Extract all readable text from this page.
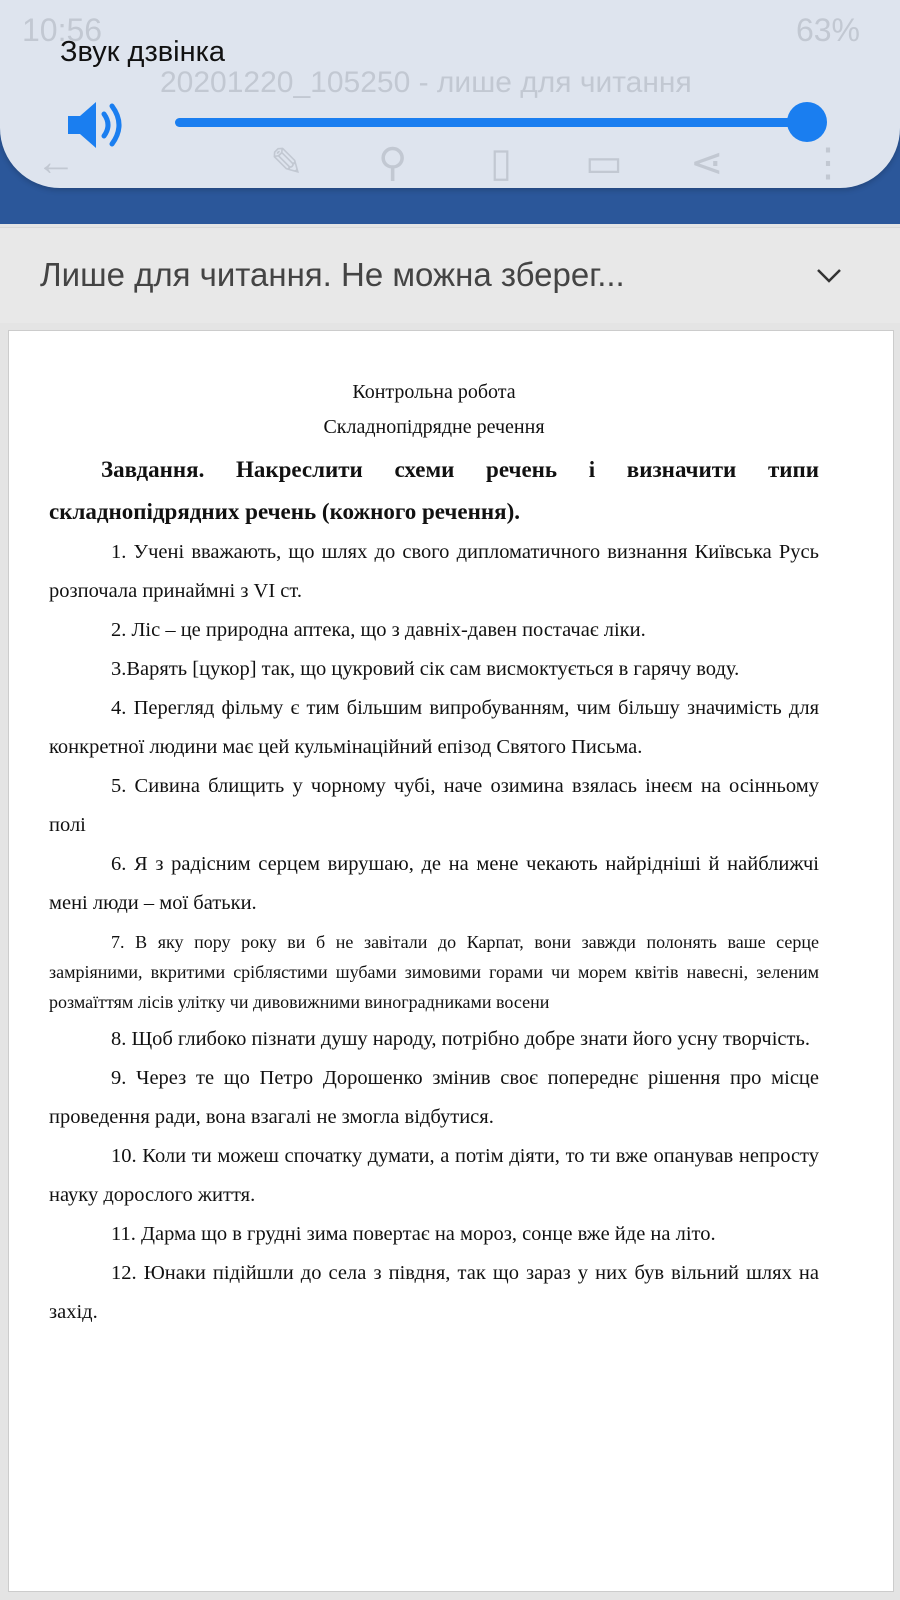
Звук дзвінка
10:56	63%
20201220_105250 - лише для читання
←	✎ ⚲ ▯ ▭ ⋖ ⋮
Лише для читання. Не можна зберег...
Контрольна робота
Складнопідрядне речення
Завдання. Накреслити схеми речень і визначити типи складнопідрядних речень (кожного речення).
1. Учені вважають, що шлях до свого дипломатичного визнання Київська Русь розпочала принаймні з VI ст.
2. Ліс – це природна аптека, що з давніх-давен постачає ліки.
3.Варять [цукор] так, що цукровий сік сам висмоктується в гарячу воду.
4. Перегляд фільму є тим більшим випробуванням, чим більшу значимість для конкретної людини має цей кульмінаційний епізод Святого Письма.
5. Сивина блищить у чорному чубі, наче озимина взялась інеєм на осінньому полі
6. Я з радісним серцем вирушаю, де на мене чекають найрідніші й найближчі мені люди – мої батьки.
7. В яку пору року ви б не завітали до Карпат, вони завжди полонять ваше серце замріяними, вкритими сріблястими шубами зимовими горами чи морем квітів навесні, зеленим розмаїттям лісів улітку чи дивовижними виноградниками восени
8. Щоб глибоко пізнати душу народу, потрібно добре знати його усну творчість.
9. Через те що Петро Дорошенко змінив своє попереднє рішення про місце проведення ради, вона взагалі не змогла відбутися.
10. Коли ти можеш спочатку думати, а потім діяти, то ти вже опанував непросту науку дорослого життя.
11. Дарма що в грудні зима повертає на мороз, сонце вже йде на літо.
12. Юнаки підійшли до села з півдня, так що зараз у них був вільний шлях на захід.
